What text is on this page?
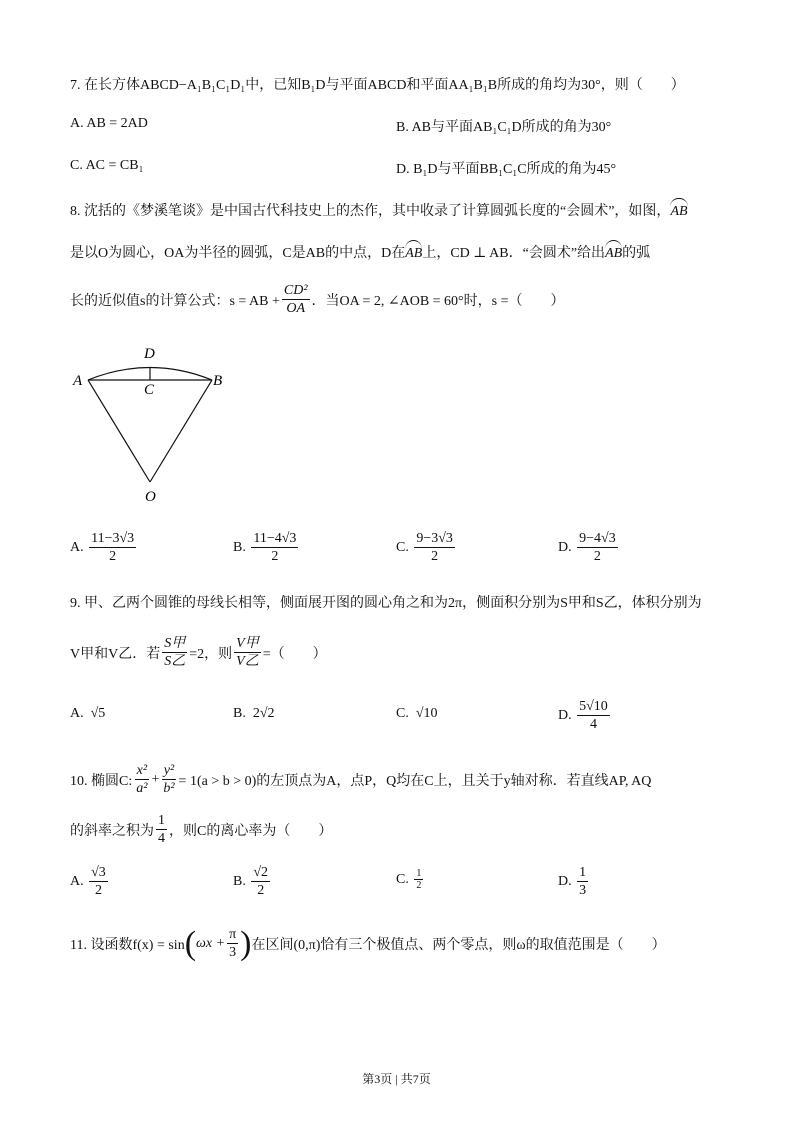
7. 在长方体ABCD−A₁B₁C₁D₁中，已知B₁D与平面ABCD和平面AA₁B₁B所成的角均为30°，则（　　）
A. AB = 2AD	B. AB与平面AB₁C₁D所成的角为30°
C. AC = CB₁	D. B₁D与平面BB₁C₁C所成的角为45°
8. 沈括的《梦溪笔谈》是中国古代科技史上的杰作，其中收录了计算圆弧长度的“会圆术”，如图， AB
是以O为圆心，OA为半径的圆弧，C是AB的中点，D在 AB 上，CD ⊥ AB．“会圆术”给出 AB 的弧
长的近似值s的计算公式：s = AB + $\frac{\text{CD²}}{OA}$ ．当OA = 2, ∠AOB = 60°时，s =（　　）
D
A
C
B
O
A.
$\frac{11-3√3}{2}$	B.
$\frac{11-4√3}{2}$	C.
$\frac{9-3√3}{2}$	D.
$\frac{9-4√3}{2}$
9. 甲、乙两个圆锥的母线长相等，侧面展开图的圆心角之和为2π，侧面积分别为S甲和S乙，体积分别为
V甲和V乙．若
S甲
S乙 =2，则
V甲
V乙 =（　　）
A.
√5	B.
2√2	C.
√10	D.
$\frac{5√10}{4}$
10. 椭圆C: $\frac{\text{x²}}{\text{a²}} + \frac{\text{y²}}{\text{b²}} = 1(a > b > 0)$的左顶点为A，点P，Q均在C上，且关于y轴对称．若直线AP, AQ
的斜率之积为 $\frac{1}{4}$ ，则C的离心率为（　　）
A.
$\frac{√3}{2}$	B.
$\frac{√2}{2}$	C.
$\frac{1}{2}$	D.
$\frac{1}{3}$
11. 设函数f(x) = sin ( $\omega x + \frac{\pi}{3}$ ) 在区间(0,π)恰有三个极值点、两个零点，则ω的取值范围是（　　）
第3页 | 共7页
